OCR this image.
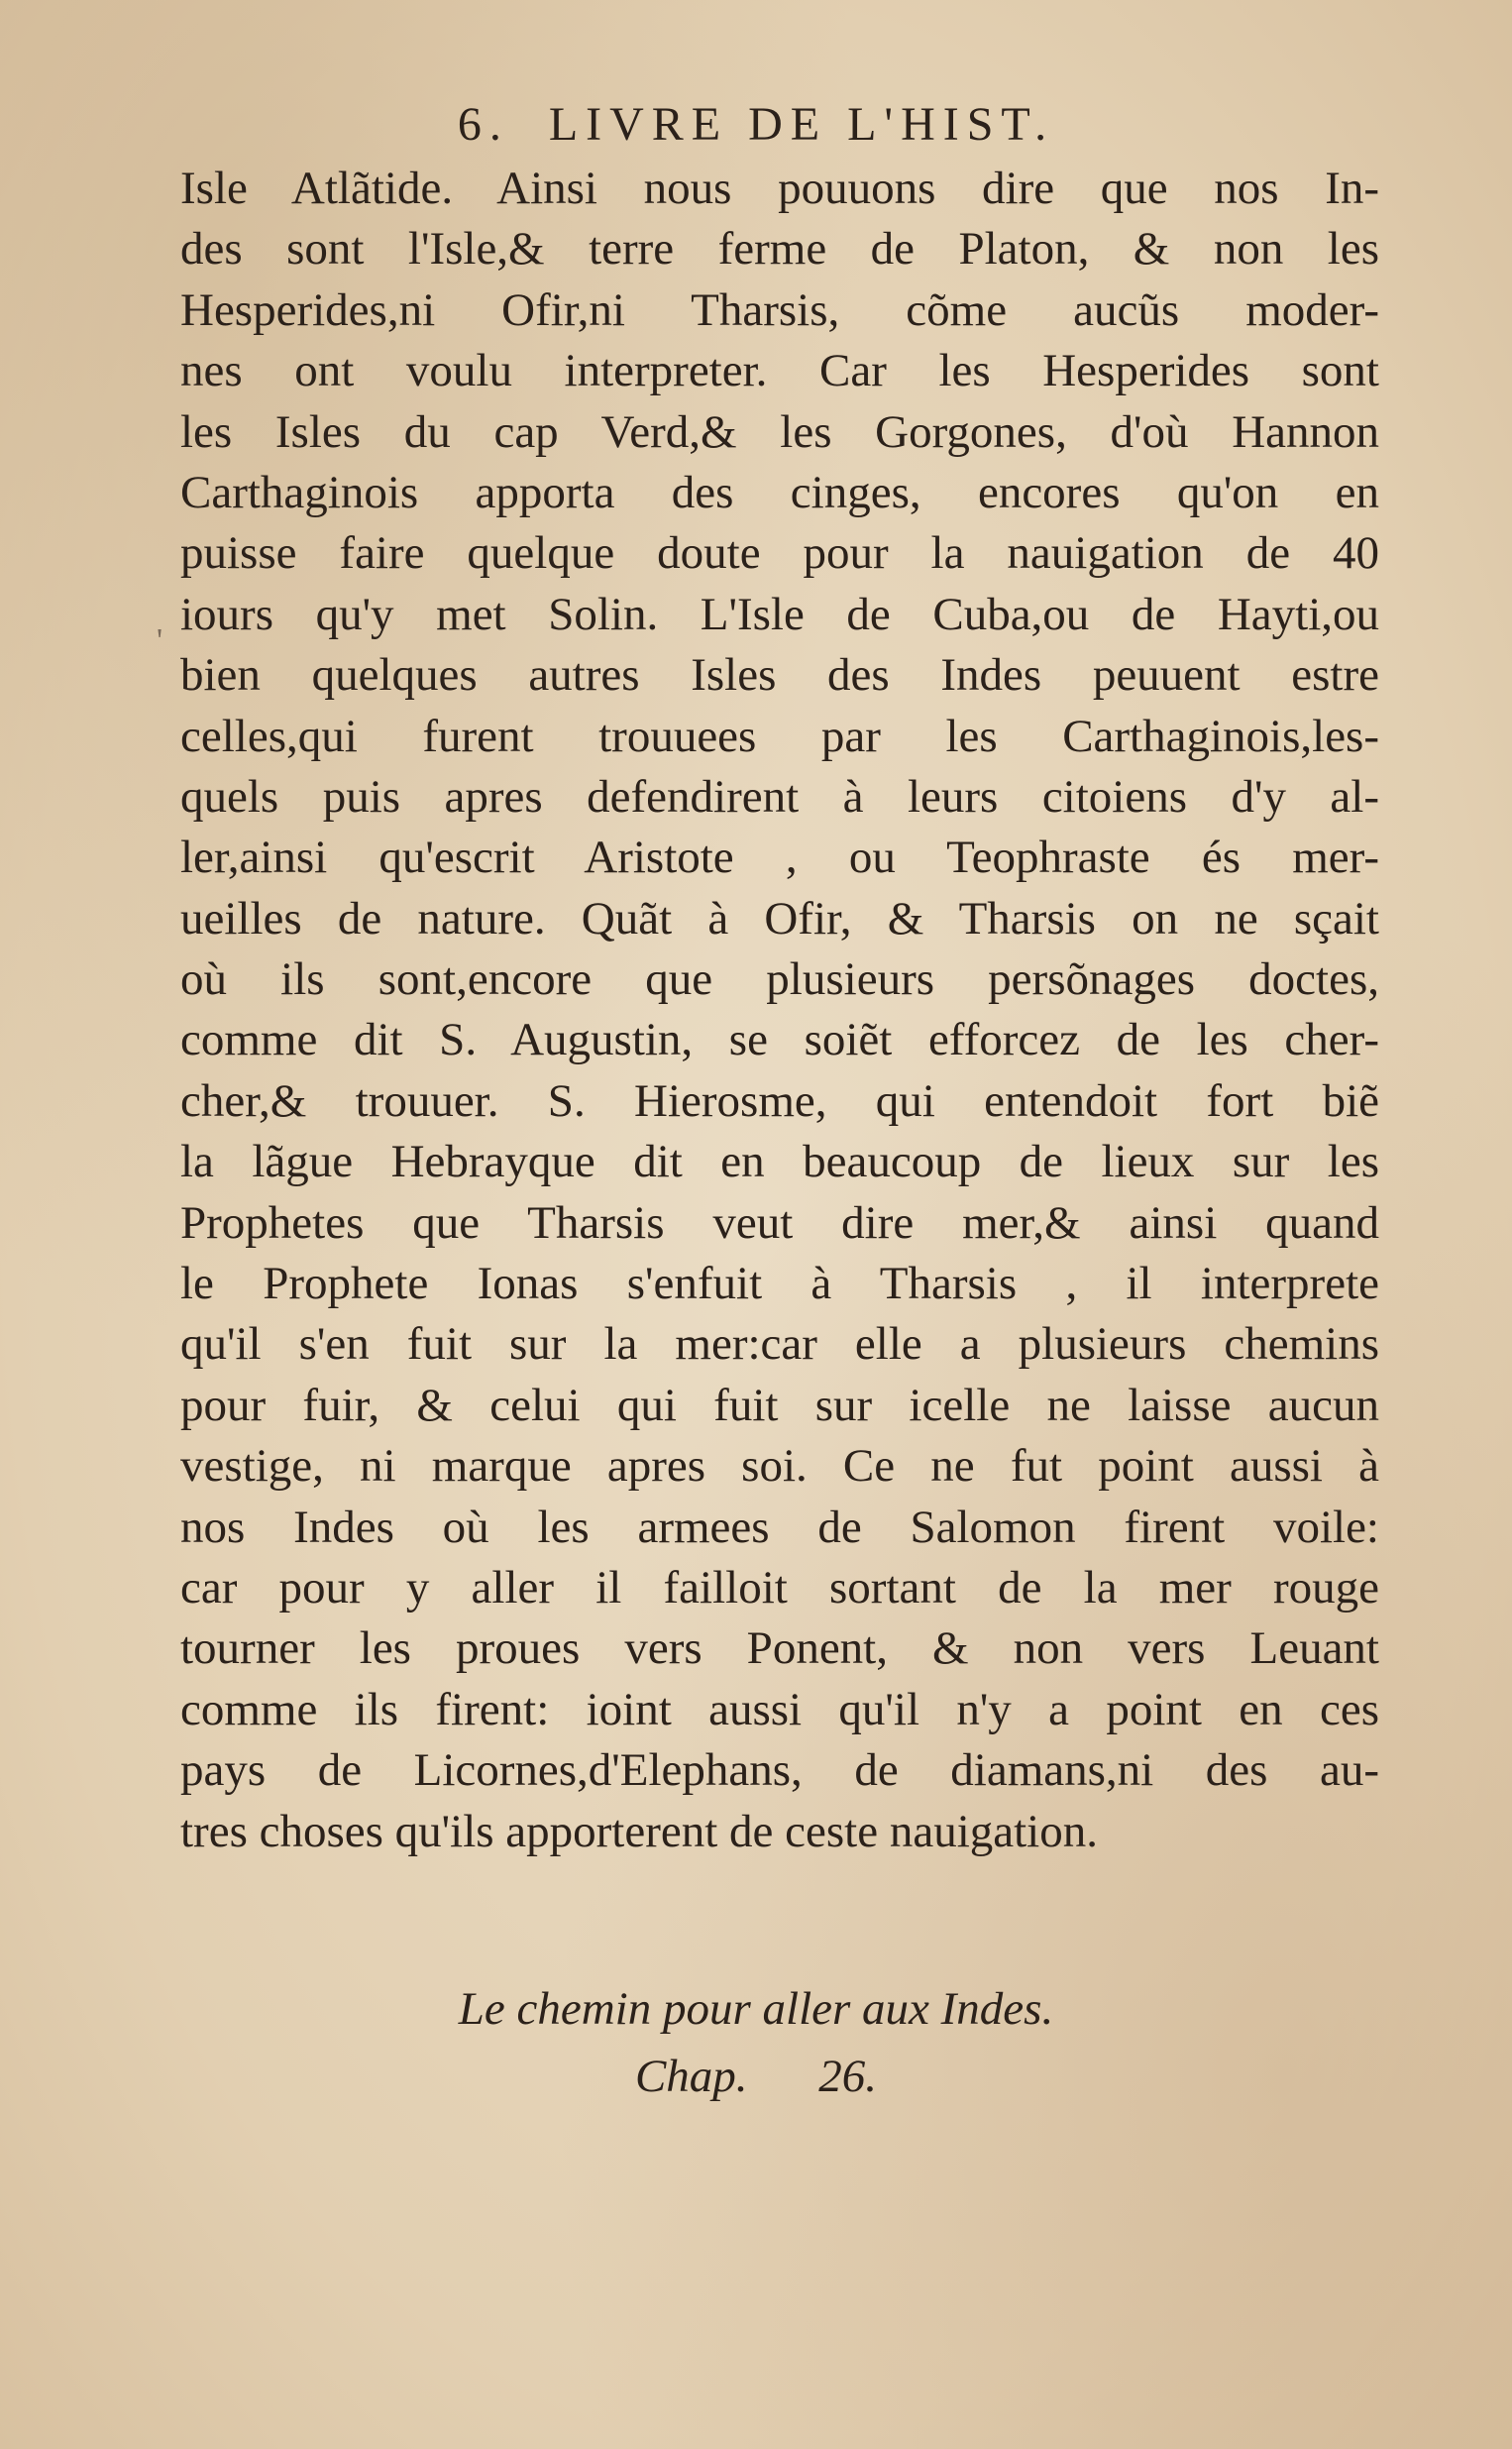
6. LIVRE DE L'HIST.
'
Isle Atlãtide. Ainsi nous pouuons dire que nos In-
des sont l'Isle,& terre ferme de Platon, & non les
Hesperides,ni Ofir,ni Tharsis, cõme aucũs moder-
nes ont voulu interpreter. Car les Hesperides sont
les Isles du cap Verd,& les Gorgones, d'où Hannon
Carthaginois apporta des cinges, encores qu'on en
puisse faire quelque doute pour la nauigation de 40
iours qu'y met Solin. L'Isle de Cuba,ou de Hayti,ou
bien quelques autres Isles des Indes peuuent estre
celles,qui furent trouuees par les Carthaginois,les-
quels puis apres defendirent à leurs citoiens d'y al-
ler,ainsi qu'escrit Aristote , ou Teophraste és mer-
ueilles de nature. Quãt à Ofir, & Tharsis on ne sçait
où ils sont,encore que plusieurs persõnages doctes,
comme dit S. Augustin, se soiẽt efforcez de les cher-
cher,& trouuer. S. Hierosme, qui entendoit fort biẽ
la lãgue Hebrayque dit en beaucoup de lieux sur les
Prophetes que Tharsis veut dire mer,& ainsi quand
le Prophete Ionas s'enfuit à Tharsis , il interprete
qu'il s'en fuit sur la mer:car elle a plusieurs chemins
pour fuir, & celui qui fuit sur icelle ne laisse aucun
vestige, ni marque apres soi. Ce ne fut point aussi à
nos Indes où les armees de Salomon firent voile:
car pour y aller il failloit sortant de la mer rouge
tourner les proues vers Ponent, & non vers Leuant
comme ils firent: ioint aussi qu'il n'y a point en ces
pays de Licornes,d'Elephans, de diamans,ni des au-
tres choses qu'ils apporterent de ceste nauigation.
Le chemin pour aller aux Indes.
Chap. 26.
